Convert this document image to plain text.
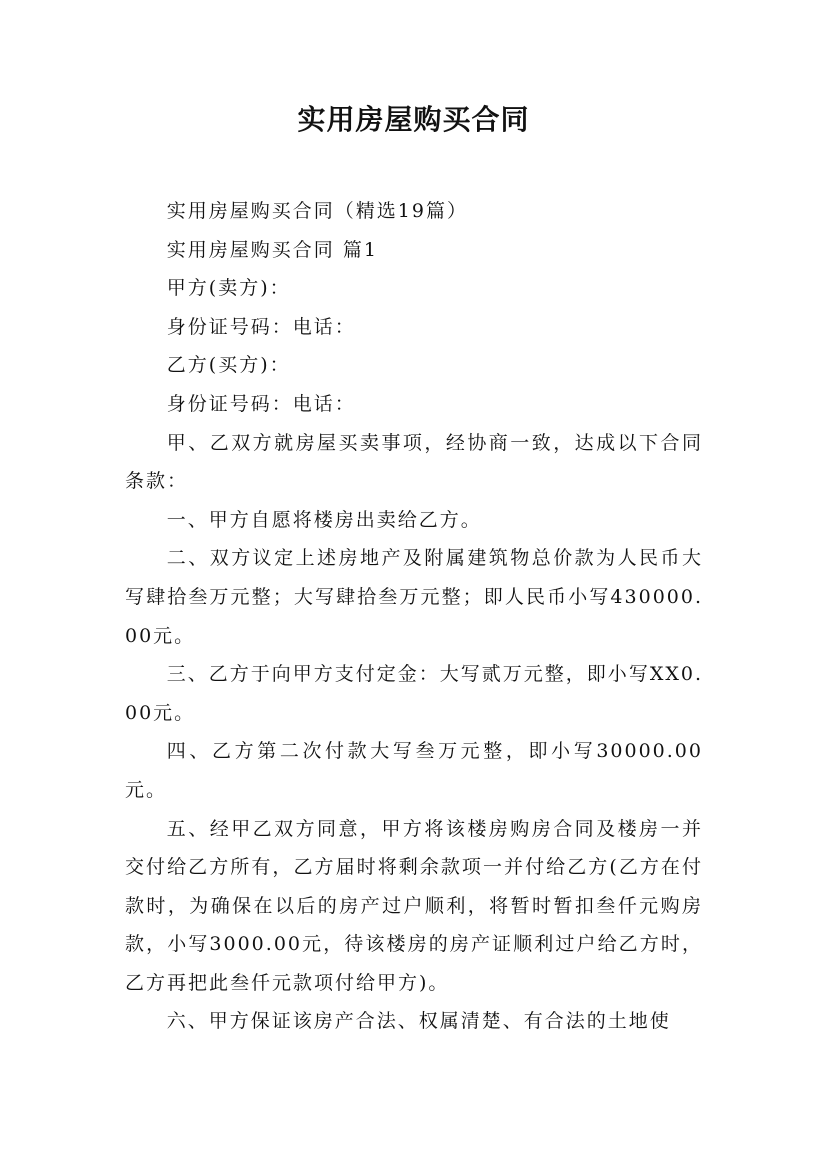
实用房屋购买合同

实用房屋购买合同（精选19篇）

实用房屋购买合同 篇1

甲方(卖方)：

身份证号码：电话：

乙方(买方)：

身份证号码：电话：

甲、乙双方就房屋买卖事项，经协商一致，达成以下合同条款：

一、甲方自愿将楼房出卖给乙方。

二、双方议定上述房地产及附属建筑物总价款为人民币大写肆拾叁万元整；大写肆拾叁万元整；即人民币小写430000.00元。

三、乙方于向甲方支付定金：大写贰万元整，即小写XX0.00元。

四、乙方第二次付款大写叁万元整，即小写30000.00元。

五、经甲乙双方同意，甲方将该楼房购房合同及楼房一并交付给乙方所有，乙方届时将剩余款项一并付给乙方(乙方在付款时，为确保在以后的房产过户顺利，将暂时暂扣叁仟元购房款，小写3000.00元，待该楼房的房产证顺利过户给乙方时，乙方再把此叁仟元款项付给甲方)。

六、甲方保证该房产合法、权属清楚、有合法的土地使
